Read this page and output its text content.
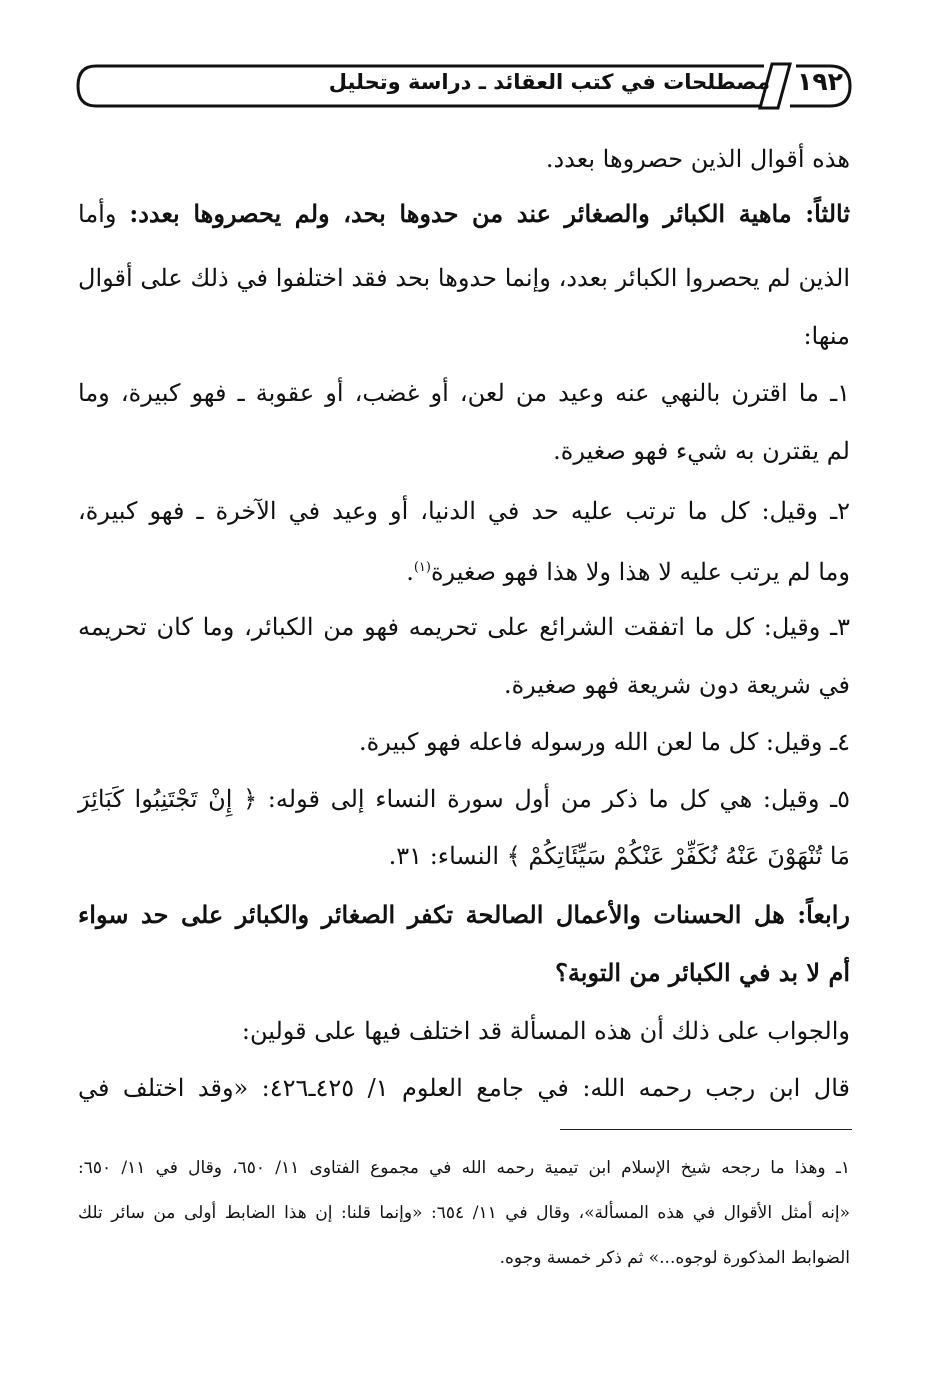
مصطلحات في كتب العقائد ـ دراسة وتحليل ١٩٢
هذه أقوال الذين حصروها بعدد.
ثالثاً: ماهية الكبائر والصغائر عند من حدوها بحد، ولم يحصروها بعدد: وأما
الذين لم يحصروا الكبائر بعدد، وإنما حدوها بحد فقد اختلفوا في ذلك على أقوال
منها:
١ـ ما اقترن بالنهي عنه وعيد من لعن، أو غضب، أو عقوبة ـ فهو كبيرة، وما
لم يقترن به شيء فهو صغيرة.
٢ـ وقيل: كل ما ترتب عليه حد في الدنيا، أو وعيد في الآخرة ـ فهو كبيرة،
وما لم يرتب عليه لا هذا ولا هذا فهو صغيرة$^{(١)}$.
٣ـ وقيل: كل ما اتفقت الشرائع على تحريمه فهو من الكبائر، وما كان تحريمه
في شريعة دون شريعة فهو صغيرة.
٤ـ وقيل: كل ما لعن الله ورسوله فاعله فهو كبيرة.
٥ـ وقيل: هي كل ما ذكر من أول سورة النساء إلى قوله: ﴿ إِنْ تَجْتَنِبُوا كَبَائِرَ
مَا تُنْهَوْنَ عَنْهُ نُكَفِّرْ عَنْكُمْ سَيِّئَاتِكُمْ ﴾ النساء: ٣١.
رابعاً: هل الحسنات والأعمال الصالحة تكفر الصغائر والكبائر على حد سواء
أم لا بد في الكبائر من التوبة؟
والجواب على ذلك أن هذه المسألة قد اختلف فيها على قولين:
قال ابن رجب رحمه الله: في جامع العلوم ١/ ٤٢٥ـ٤٢٦: «وقد اختلف في
١ـ وهذا ما رجحه شيخ الإسلام ابن تيمية رحمه الله في مجموع الفتاوى ١١/ ٦٥٠، وقال في ١١/ ٦٥٠:
«إنه أمثل الأقوال في هذه المسألة»، وقال في ١١/ ٦٥٤: «وإنما قلنا: إن هذا الضابط أولى من سائر تلك
الضوابط المذكورة لوجوه...» ثم ذكر خمسة وجوه.
